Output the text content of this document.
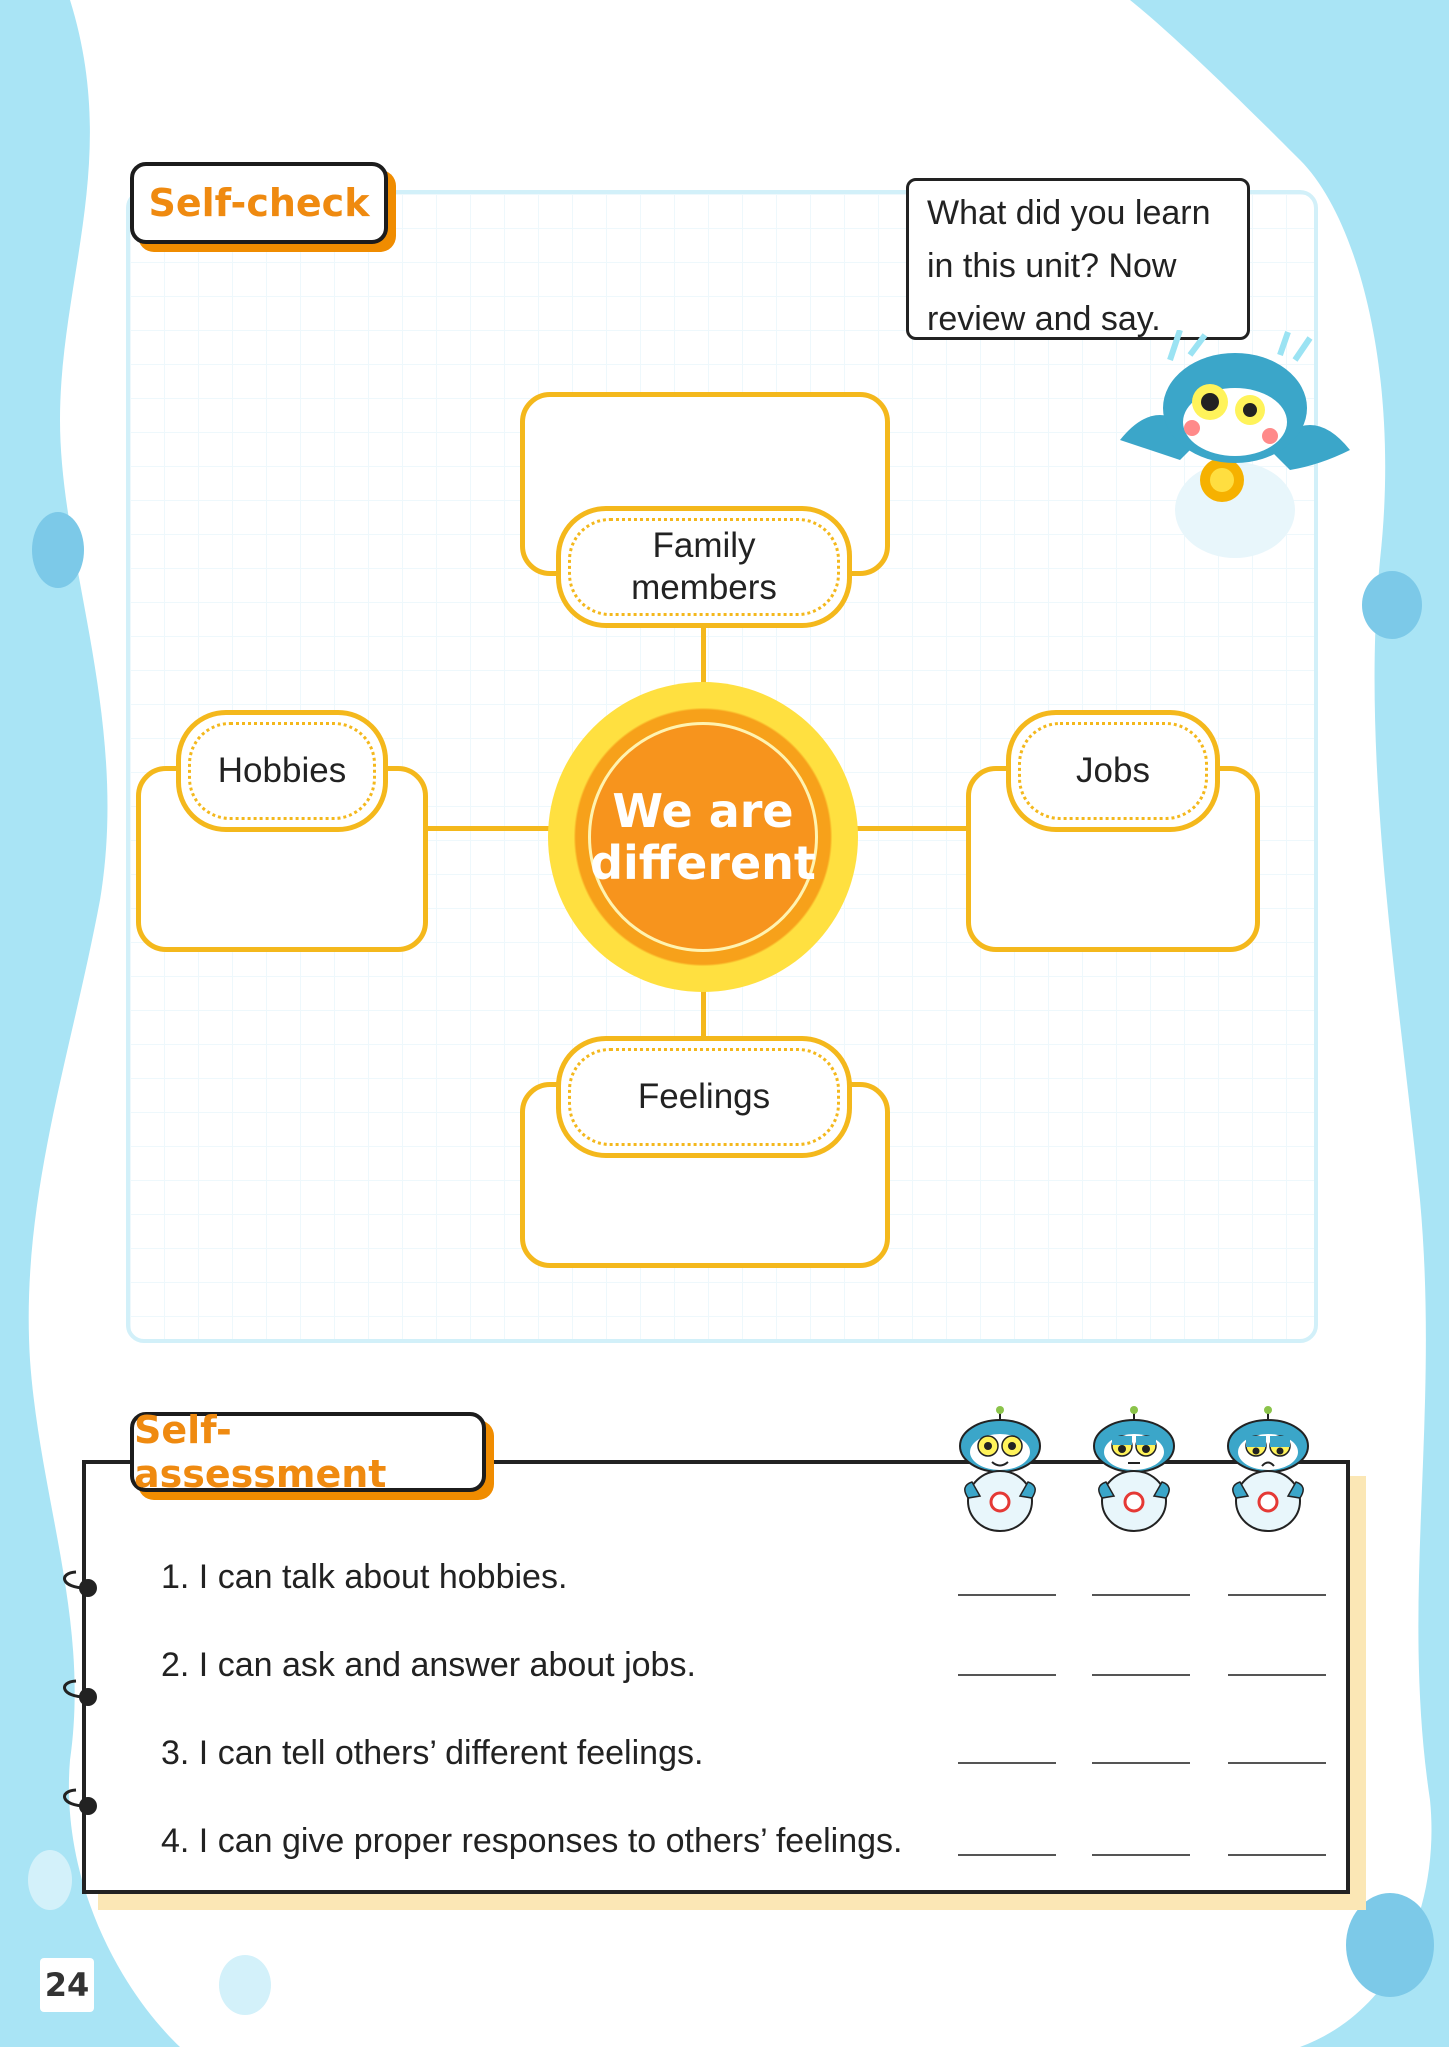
Self-check	What did you learn
in this unit? Now
review and say.
Family
members
Hobbies	Jobs
Feelings
We are
different
1. I can talk about hobbies.
2. I can ask and answer about jobs.
3. I can tell others’ different feelings.
4. I can give proper responses to others’ feelings.
Self-assessment
24
